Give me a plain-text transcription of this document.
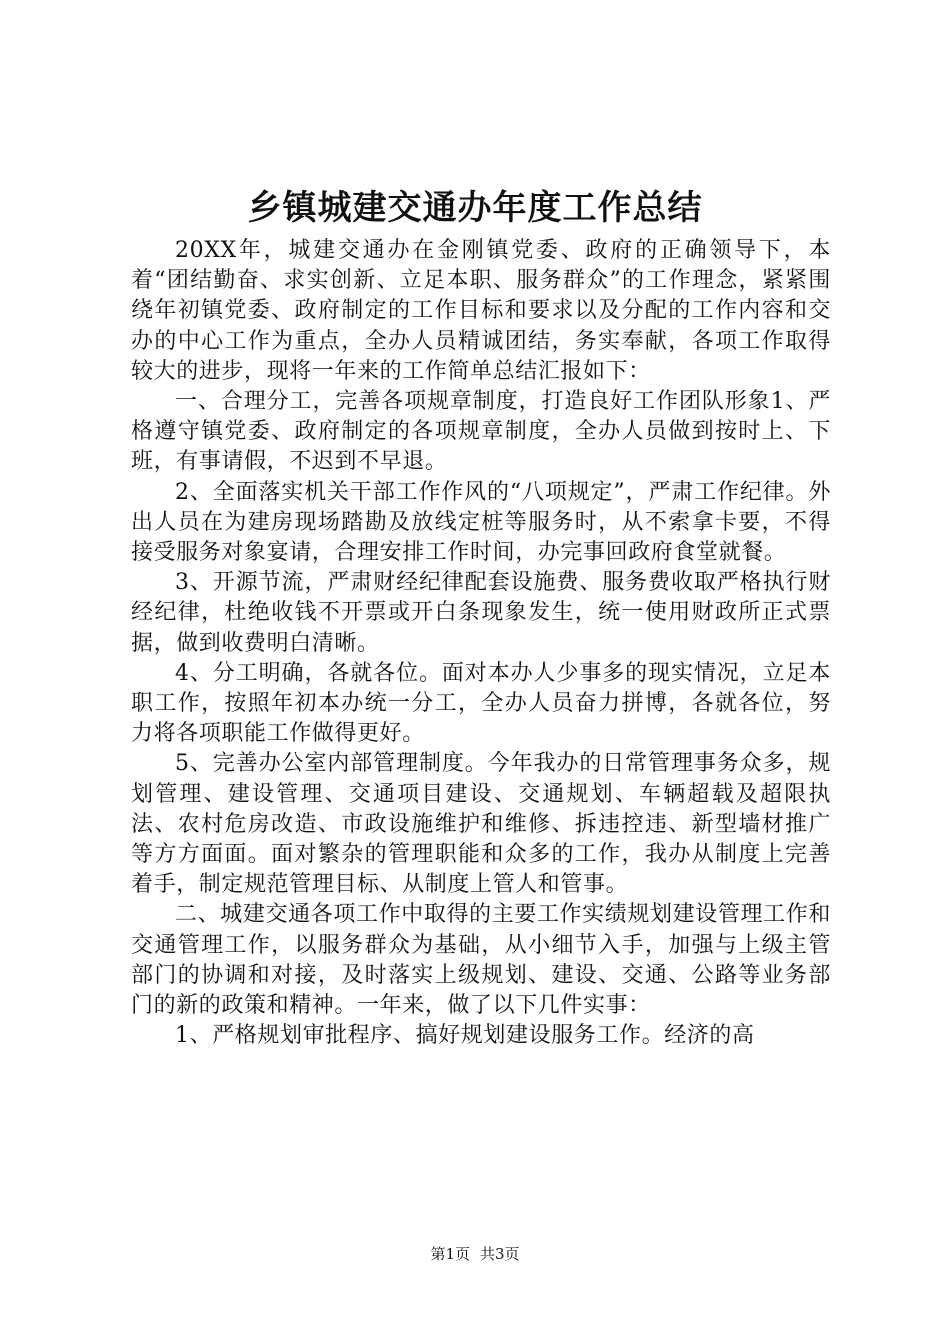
乡镇城建交通办年度工作总结

20XX年，城建交通办在金刚镇党委、政府的正确领导下，本着“团结勤奋、求实创新、立足本职、服务群众”的工作理念，紧紧围绕年初镇党委、政府制定的工作目标和要求以及分配的工作内容和交办的中心工作为重点，全办人员精诚团结，务实奉献，各项工作取得较大的进步，现将一年来的工作简单总结汇报如下：

一、合理分工，完善各项规章制度，打造良好工作团队形象1、严格遵守镇党委、政府制定的各项规章制度，全办人员做到按时上、下班，有事请假，不迟到不早退。

2、全面落实机关干部工作作风的“八项规定”，严肃工作纪律。外出人员在为建房现场踏勘及放线定桩等服务时，从不索拿卡要，不得接受服务对象宴请，合理安排工作时间，办完事回政府食堂就餐。

3、开源节流，严肃财经纪律配套设施费、服务费收取严格执行财经纪律，杜绝收钱不开票或开白条现象发生，统一使用财政所正式票据，做到收费明白清晰。

4、分工明确，各就各位。面对本办人少事多的现实情况，立足本职工作，按照年初本办统一分工，全办人员奋力拼博，各就各位，努力将各项职能工作做得更好。

5、完善办公室内部管理制度。今年我办的日常管理事务众多，规划管理、建设管理、交通项目建设、交通规划、车辆超载及超限执法、农村危房改造、市政设施维护和维修、拆违控违、新型墙材推广等方方面面。面对繁杂的管理职能和众多的工作，我办从制度上完善着手，制定规范管理目标、从制度上管人和管事。

二、城建交通各项工作中取得的主要工作实绩规划建设管理工作和交通管理工作，以服务群众为基础，从小细节入手，加强与上级主管部门的协调和对接，及时落实上级规划、建设、交通、公路等业务部门的新的政策和精神。一年来，做了以下几件实事：

1、严格规划审批程序、搞好规划建设服务工作。经济的高

第1页 共3页
